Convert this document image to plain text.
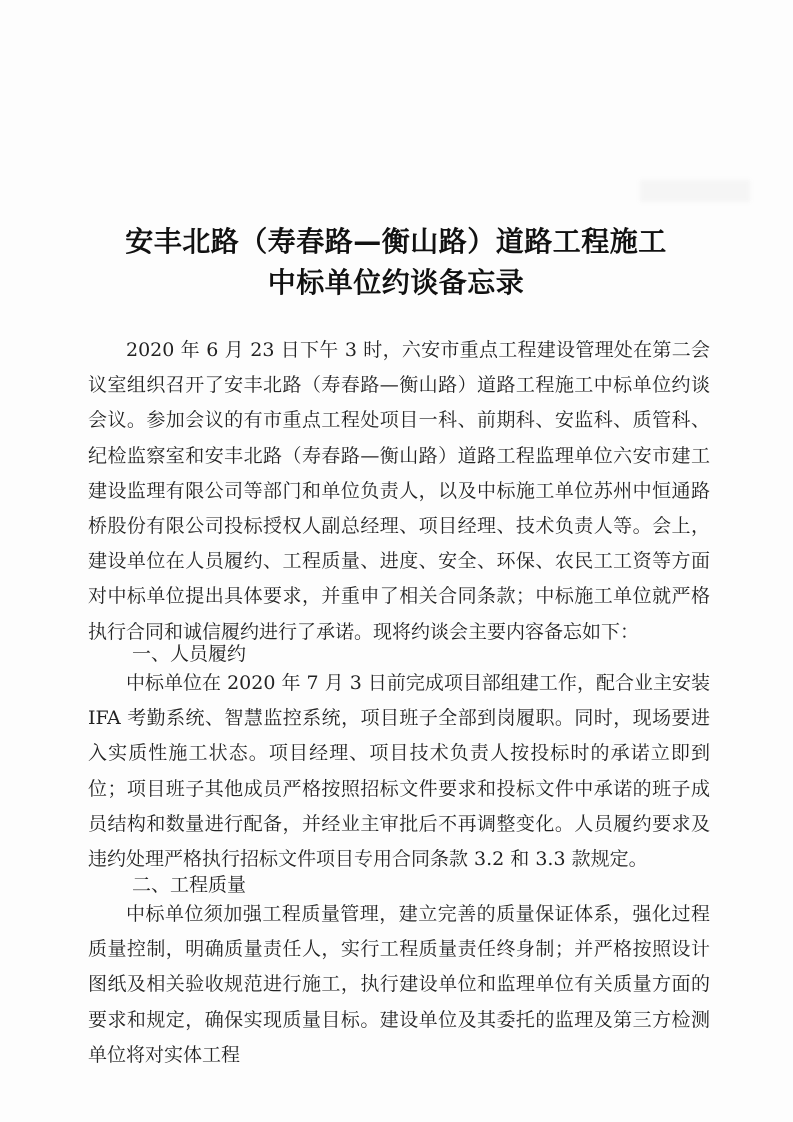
安丰北路（寿春路—衡山路）道路工程施工
中标单位约谈备忘录

2020 年 6 月 23 日下午 3 时，六安市重点工程建设管理处在第二会议室组织召开了安丰北路（寿春路—衡山路）道路工程施工中标单位约谈会议。参加会议的有市重点工程处项目一科、前期科、安监科、质管科、纪检监察室和安丰北路（寿春路—衡山路）道路工程监理单位六安市建工建设监理有限公司等部门和单位负责人，以及中标施工单位苏州中恒通路桥股份有限公司投标授权人副总经理、项目经理、技术负责人等。会上，建设单位在人员履约、工程质量、进度、安全、环保、农民工工资等方面对中标单位提出具体要求，并重申了相关合同条款；中标施工单位就严格执行合同和诚信履约进行了承诺。现将约谈会主要内容备忘如下：

一、人员履约

中标单位在 2020 年 7 月 3 日前完成项目部组建工作，配合业主安装 IFA 考勤系统、智慧监控系统，项目班子全部到岗履职。同时，现场要进入实质性施工状态。项目经理、项目技术负责人按投标时的承诺立即到位；项目班子其他成员严格按照招标文件要求和投标文件中承诺的班子成员结构和数量进行配备，并经业主审批后不再调整变化。人员履约要求及违约处理严格执行招标文件项目专用合同条款 3.2 和 3.3 款规定。

二、工程质量

中标单位须加强工程质量管理，建立完善的质量保证体系，强化过程质量控制，明确质量责任人，实行工程质量责任终身制；并严格按照设计图纸及相关验收规范进行施工，执行建设单位和监理单位有关质量方面的要求和规定，确保实现质量目标。建设单位及其委托的监理及第三方检测单位将对实体工程
